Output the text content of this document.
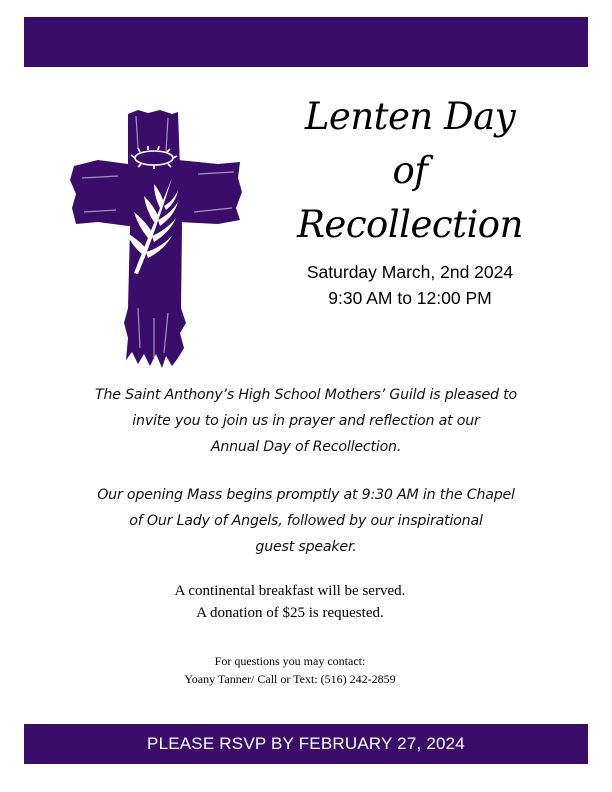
Lenten Day
of
Recollection
Saturday March, 2nd 2024
9:30 AM to 12:00 PM
The Saint Anthony’s High School Mothers’ Guild is pleased to
invite you to join us in prayer and reflection at our
Annual Day of Recollection.
Our opening Mass begins promptly at 9:30 AM in the Chapel
of Our Lady of Angels, followed by our inspirational
guest speaker.
A continental breakfast will be served.
A donation of $25 is requested.
For questions you may contact:
Yoany Tanner/ Call or Text: (516) 242-2859
PLEASE RSVP BY FEBRUARY 27, 2024
